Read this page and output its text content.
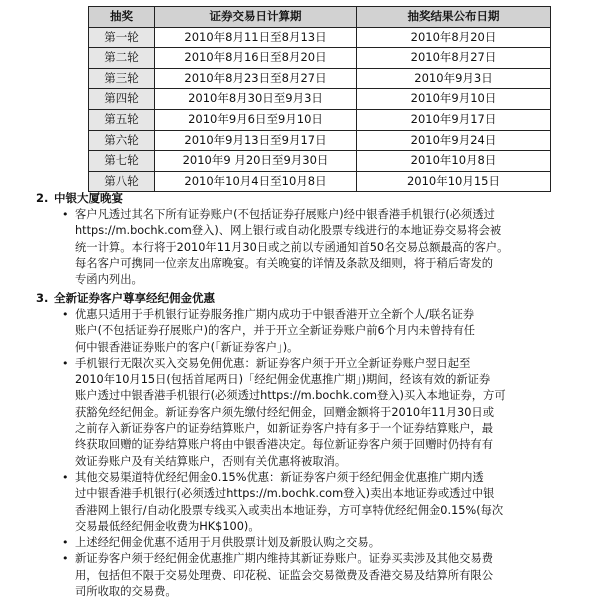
抽奖	证券交易日计算期	抽奖结果公布日期
第一轮	2010年8月11日至8月13日	2010年8月20日
第二轮	2010年8月16日至8月20日	2010年8月27日
第三轮	2010年8月23日至8月27日	2010年9月3日
第四轮	2010年8月30日至9月3日	2010年9月10日
第五轮	2010年9月6日至9月10日	2010年9月17日
第六轮	2010年9月13日至9月17日	2010年9月24日
第七轮	2010年9 月20日至9月30日	2010年10月8日
第八轮	2010年10月4日至10月8日	2010年10月15日
2. 中银大厦晚宴
• 客户凡透过其名下所有证券账户(不包括证券孖展账户)经中银香港手机银行(必须透过
https://m.bochk.com登入)、网上银行或自动化股票专线进行的本地证券交易将会被
统一计算。本行将于2010年11月30日或之前以专函通知首50名交易总额最高的客户。
每名客户可携同一位亲友出席晚宴。有关晚宴的详情及条款及细则，将于稍后寄发的
专函内列出。
3. 全新证券客户尊享经纪佣金优惠
• 优惠只适用于手机银行证券服务推广期内成功于中银香港开立全新个人/联名证券
账户(不包括证券孖展账户)的客户，并于开立全新证券账户前6个月内未曾持有任
何中银香港证券账户的客户(「新证券客户」)。
• 手机银行无限次买入交易免佣优惠：新证券客户须于开立全新证券账户翌日起至
2010年10月15日(包括首尾两日)「经纪佣金优惠推广期」)期间，经该有效的新证券
账户透过中银香港手机银行(必须透过https://m.bochk.com登入)买入本地证券，方可
获豁免经纪佣金。新证券客户须先缴付经纪佣金，回赠金额将于2010年11月30日或
之前存入新证券客户的证券结算账户，如新证券客户持有多于一个证券结算账户，最
终获取回赠的证券结算账户将由中银香港决定。每位新证券客户须于回赠时仍持有有
效证券账户及有关结算账户，否则有关优惠将被取消。
• 其他交易渠道特优经纪佣金0.15%优惠：新证券客户须于经纪佣金优惠推广期内透
过中银香港手机银行(必须透过https://m.bochk.com登入)卖出本地证券或透过中银
香港网上银行/自动化股票专线买入或卖出本地证券，方可享特优经纪佣金0.15%(每次
交易最低经纪佣金收费为HK$100)。
• 上述经纪佣金优惠不适用于月供股票计划及新股认购之交易。
• 新证券客户须于经纪佣金优惠推广期内维持其新证券账户。证券买卖涉及其他交易费
用，包括但不限于交易处理费、印花税、证监会交易徵费及香港交易及结算所有限公
司所收取的交易费。
